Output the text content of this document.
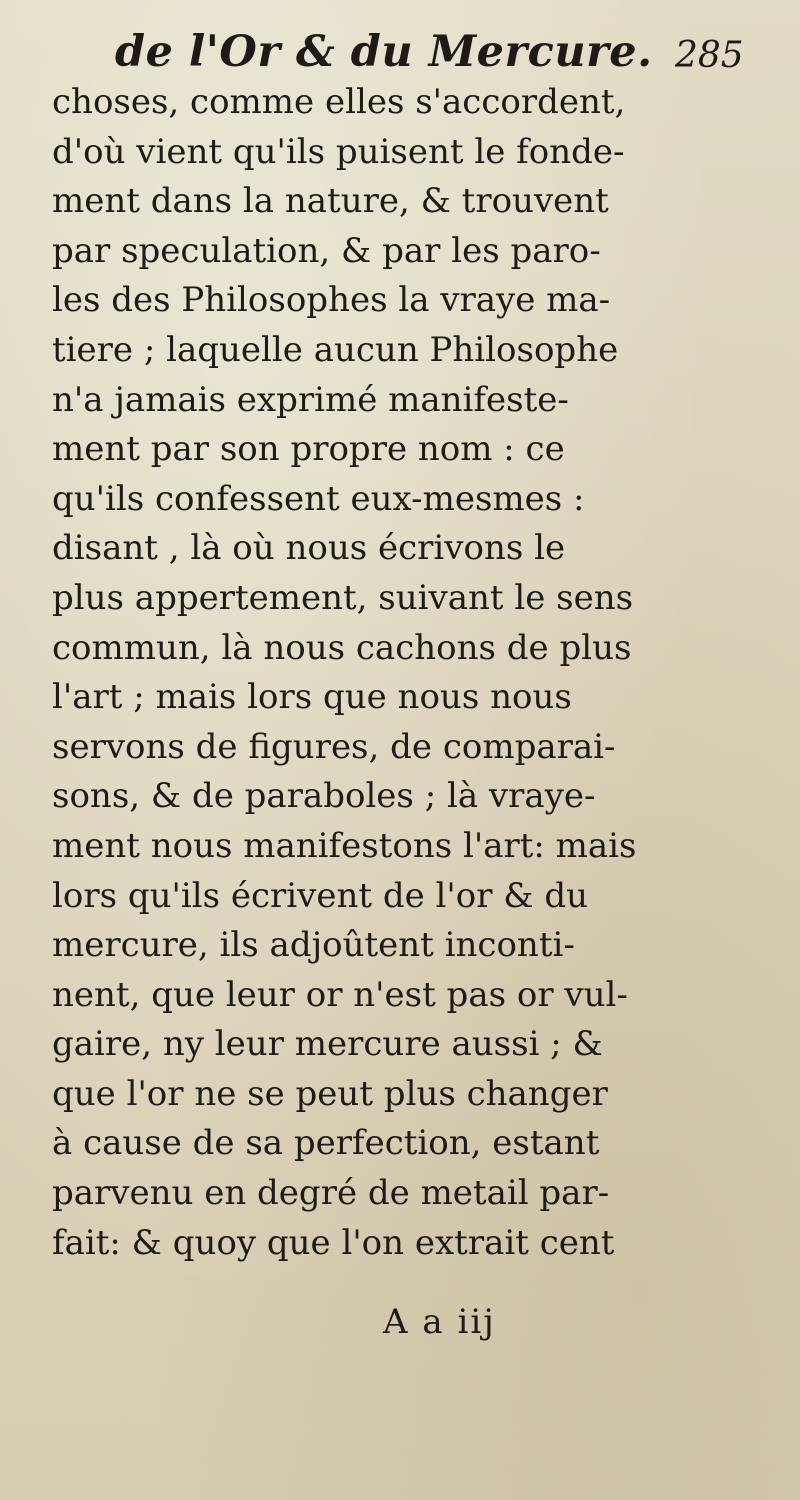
de l'Or & du Mercure. 285
choses, comme elles s'accordent,
d'où vient qu'ils puisent le fonde-
ment dans la nature, & trouvent
par speculation, & par les paro-
les des Philosophes la vraye ma-
tiere ; laquelle aucun Philosophe
n'a jamais exprimé manifeste-
ment par son propre nom : ce
qu'ils confessent eux-mesmes :
disant , là où nous écrivons le
plus appertement, suivant le sens
commun, là nous cachons de plus
l'art ; mais lors que nous nous
servons de figures, de comparai-
sons, & de paraboles ; là vraye-
ment nous manifestons l'art: mais
lors qu'ils écrivent de l'or & du
mercure, ils adjoûtent inconti-
nent, que leur or n'est pas or vul-
gaire, ny leur mercure aussi ; &
que l'or ne se peut plus changer
à cause de sa perfection, estant
parvenu en degré de metail par-
fait: & quoy que l'on extrait cent
A a iij
